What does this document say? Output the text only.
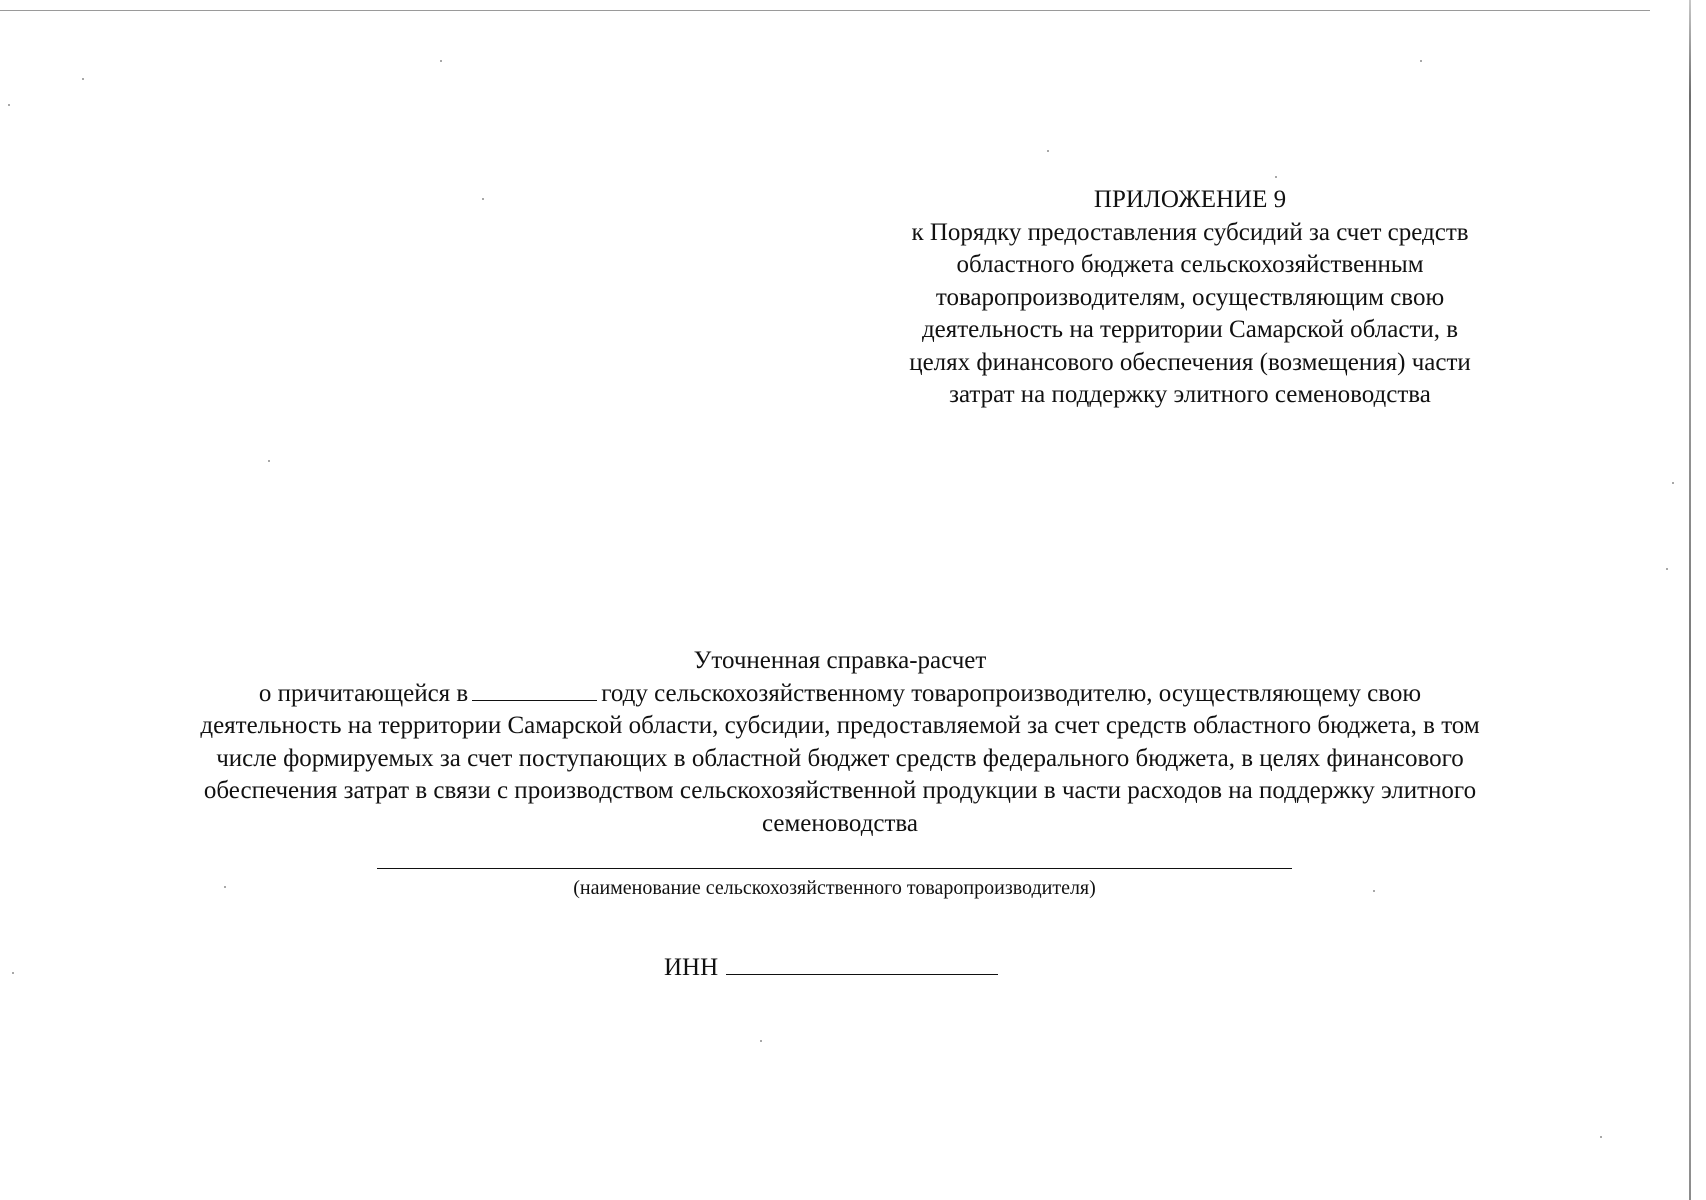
ПРИЛОЖЕНИЕ 9
к Порядку предоставления субсидий за счет средств
областного бюджета сельскохозяйственным
товаропроизводителям, осуществляющим свою
деятельность на территории Самарской области, в
целях финансового обеспечения (возмещения) части
затрат на поддержку элитного семеноводства
Уточненная справка-расчет
о причитающейся в	году сельскохозяйственному товаропроизводителю, осуществляющему свою
деятельность на территории Самарской области, субсидии, предоставляемой за счет средств областного бюджета, в том
числе формируемых за счет поступающих в областной бюджет средств федерального бюджета, в целях финансового
обеспечения затрат в связи с производством сельскохозяйственной продукции в части расходов на поддержку элитного
семеноводства
(наименование сельскохозяйственного товаропроизводителя)
ИНН
